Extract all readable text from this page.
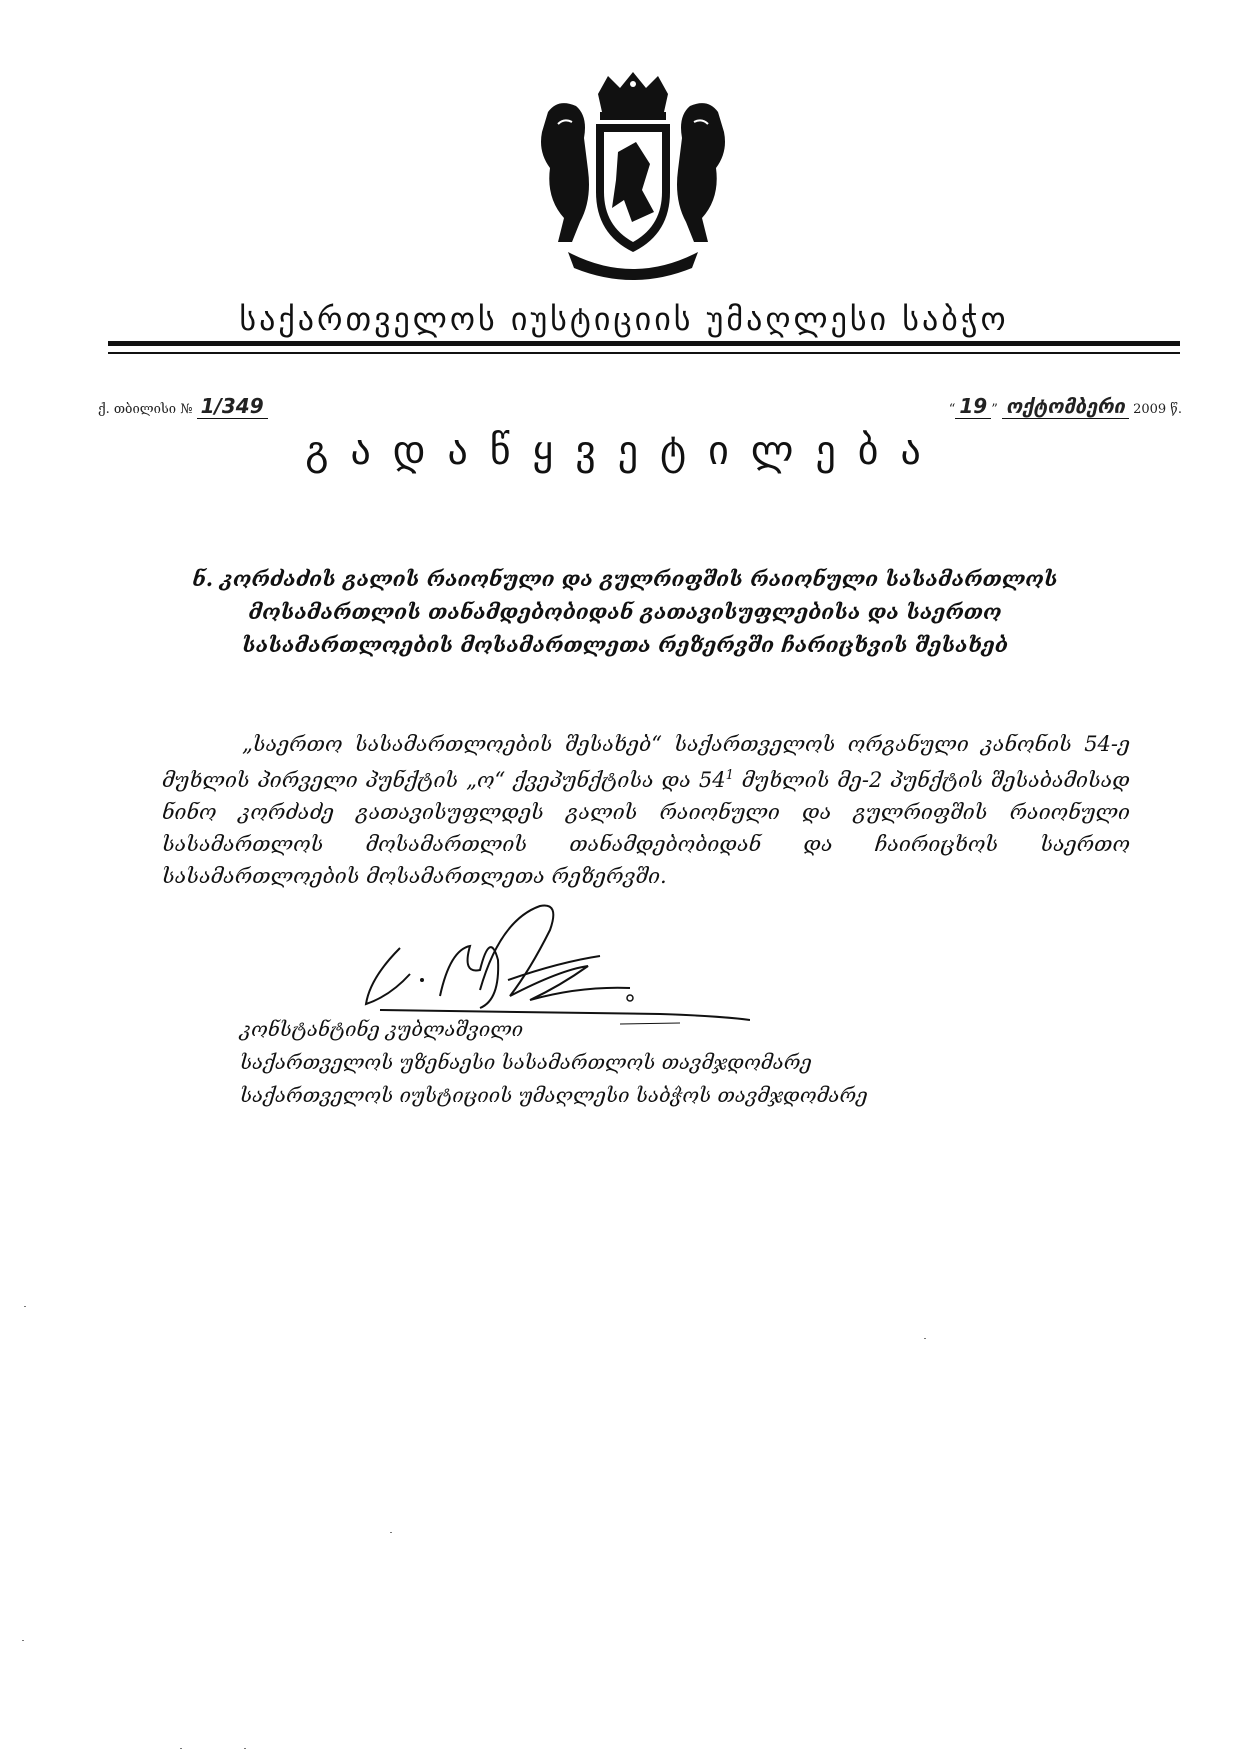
საქართველოს იუსტიციის უმაღლესი საბჭო
ქ. თბილისი № 1/349	“ 19 ” ოქტომბერი 2009 წ.
გადაწყვეტილება
ნ. კორძაძის გალის რაიონული და გულრიფშის რაიონული სასამართლოს მოსამართლის თანამდებობიდან გათავისუფლებისა და საერთო სასამართლოების მოსამართლეთა რეზერვში ჩარიცხვის შესახებ
„საერთო სასამართლოების შესახებ“ საქართველოს ორგანული კანონის 54-ე მუხლის პირველი პუნქტის „ო“ ქვეპუნქტისა და $54^1$ მუხლის მე-2 პუნქტის შესაბამისად ნინო კორძაძე გათავისუფლდეს გალის რაიონული და გულრიფშის რაიონული სასამართლოს მოსამართლის თანამდებობიდან და ჩაირიცხოს საერთო სასამართლოების მოსამართლეთა რეზერვში.
კონსტანტინე კუბლაშვილი
საქართველოს უზენაესი სასამართლოს თავმჯდომარე
საქართველოს იუსტიციის უმაღლესი საბჭოს თავმჯდომარე
